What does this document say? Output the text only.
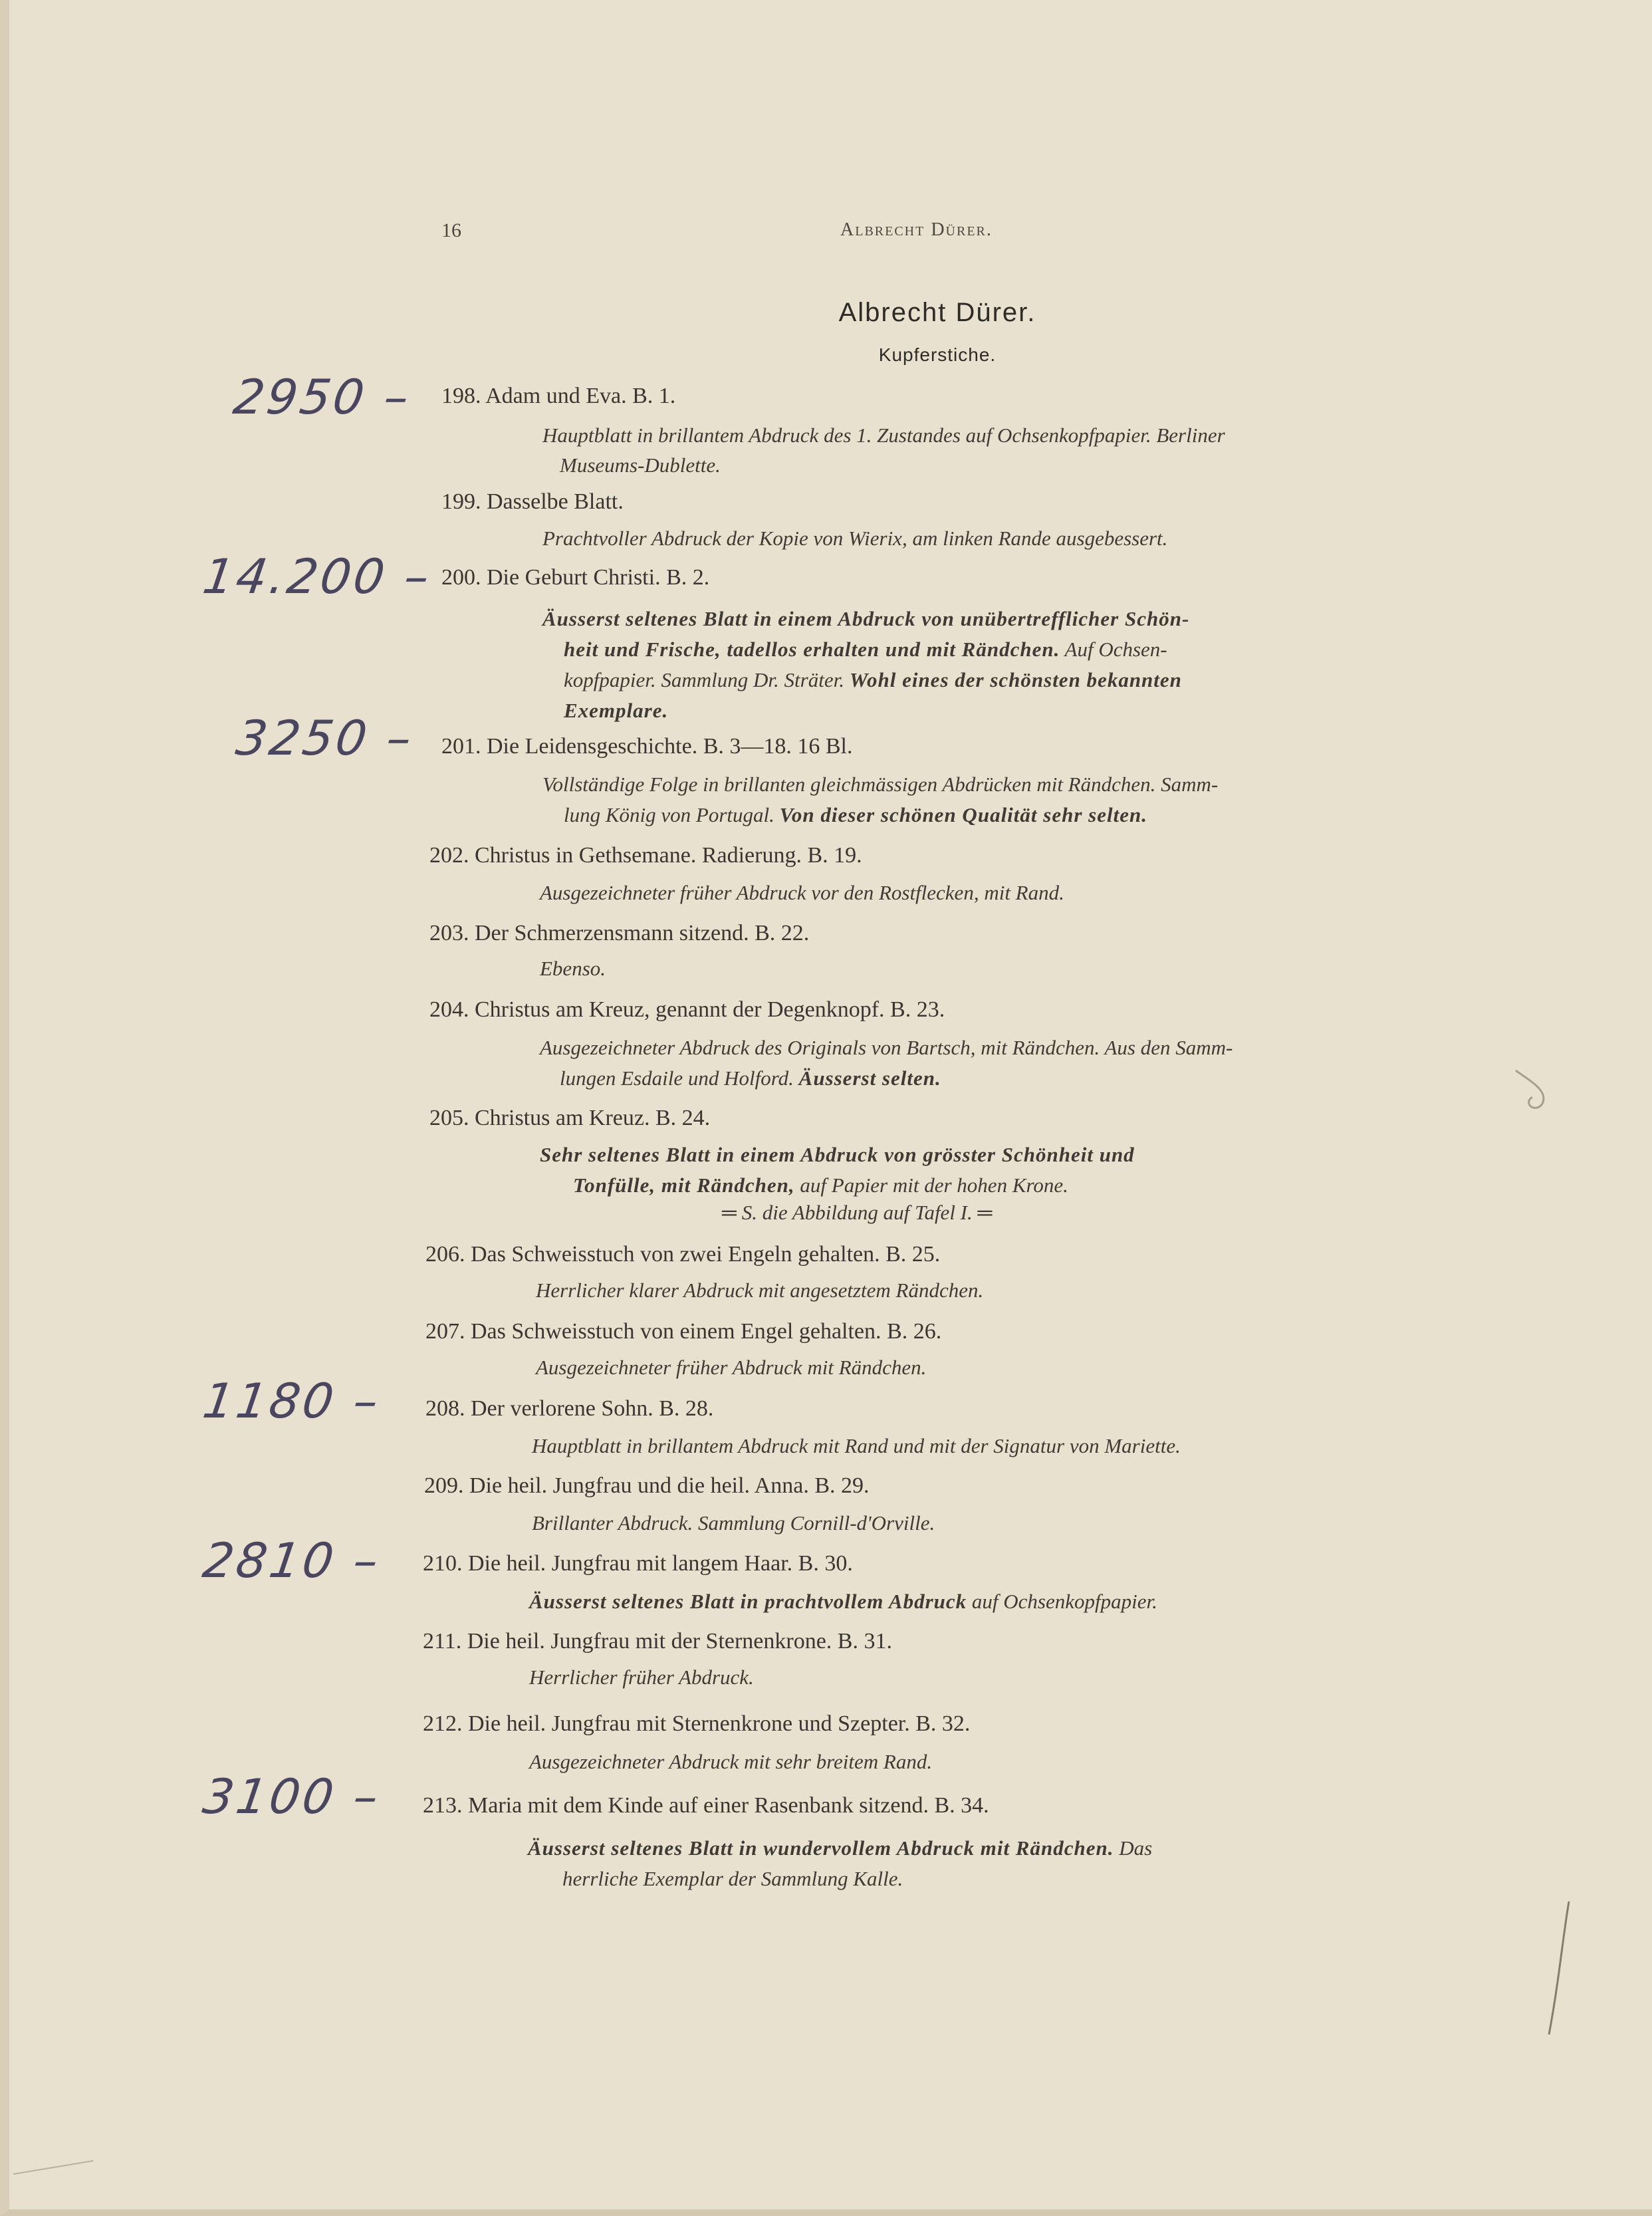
16	Albrecht Dürer.
Albrecht Dürer.
Kupferstiche.
2950 –
14.200 –
3250 –
1180 –
2810 –
3100 –
198. Adam und Eva. B. 1.
Hauptblatt in brillantem Abdruck des 1. Zustandes auf Ochsenkopfpapier. Berliner
Museums-Dublette.
199. Dasselbe Blatt.
Prachtvoller Abdruck der Kopie von Wierix, am linken Rande ausgebessert.
200. Die Geburt Christi. B. 2.
Äusserst seltenes Blatt in einem Abdruck von unübertrefflicher Schön-
heit und Frische, tadellos erhalten und mit Rändchen. Auf Ochsen-
kopfpapier. Sammlung Dr. Sträter. Wohl eines der schönsten bekannten
Exemplare.
201. Die Leidensgeschichte. B. 3—18. 16 Bl.
Vollständige Folge in brillanten gleichmässigen Abdrücken mit Rändchen. Samm-
lung König von Portugal. Von dieser schönen Qualität sehr selten.
202. Christus in Gethsemane. Radierung. B. 19.
Ausgezeichneter früher Abdruck vor den Rostflecken, mit Rand.
203. Der Schmerzensmann sitzend. B. 22.
Ebenso.
204. Christus am Kreuz, genannt der Degenknopf. B. 23.
Ausgezeichneter Abdruck des Originals von Bartsch, mit Rändchen. Aus den Samm-
lungen Esdaile und Holford. Äusserst selten.
205. Christus am Kreuz. B. 24.
Sehr seltenes Blatt in einem Abdruck von grösster Schönheit und
Tonfülle, mit Rändchen, auf Papier mit der hohen Krone.
═ S. die Abbildung auf Tafel I. ═
206. Das Schweisstuch von zwei Engeln gehalten. B. 25.
Herrlicher klarer Abdruck mit angesetztem Rändchen.
207. Das Schweisstuch von einem Engel gehalten. B. 26.
Ausgezeichneter früher Abdruck mit Rändchen.
208. Der verlorene Sohn. B. 28.
Hauptblatt in brillantem Abdruck mit Rand und mit der Signatur von Mariette.
209. Die heil. Jungfrau und die heil. Anna. B. 29.
Brillanter Abdruck. Sammlung Cornill-d'Orville.
210. Die heil. Jungfrau mit langem Haar. B. 30.
Äusserst seltenes Blatt in prachtvollem Abdruck auf Ochsenkopfpapier.
211. Die heil. Jungfrau mit der Sternenkrone. B. 31.
Herrlicher früher Abdruck.
212. Die heil. Jungfrau mit Sternenkrone und Szepter. B. 32.
Ausgezeichneter Abdruck mit sehr breitem Rand.
213. Maria mit dem Kinde auf einer Rasenbank sitzend. B. 34.
Äusserst seltenes Blatt in wundervollem Abdruck mit Rändchen. Das
herrliche Exemplar der Sammlung Kalle.
